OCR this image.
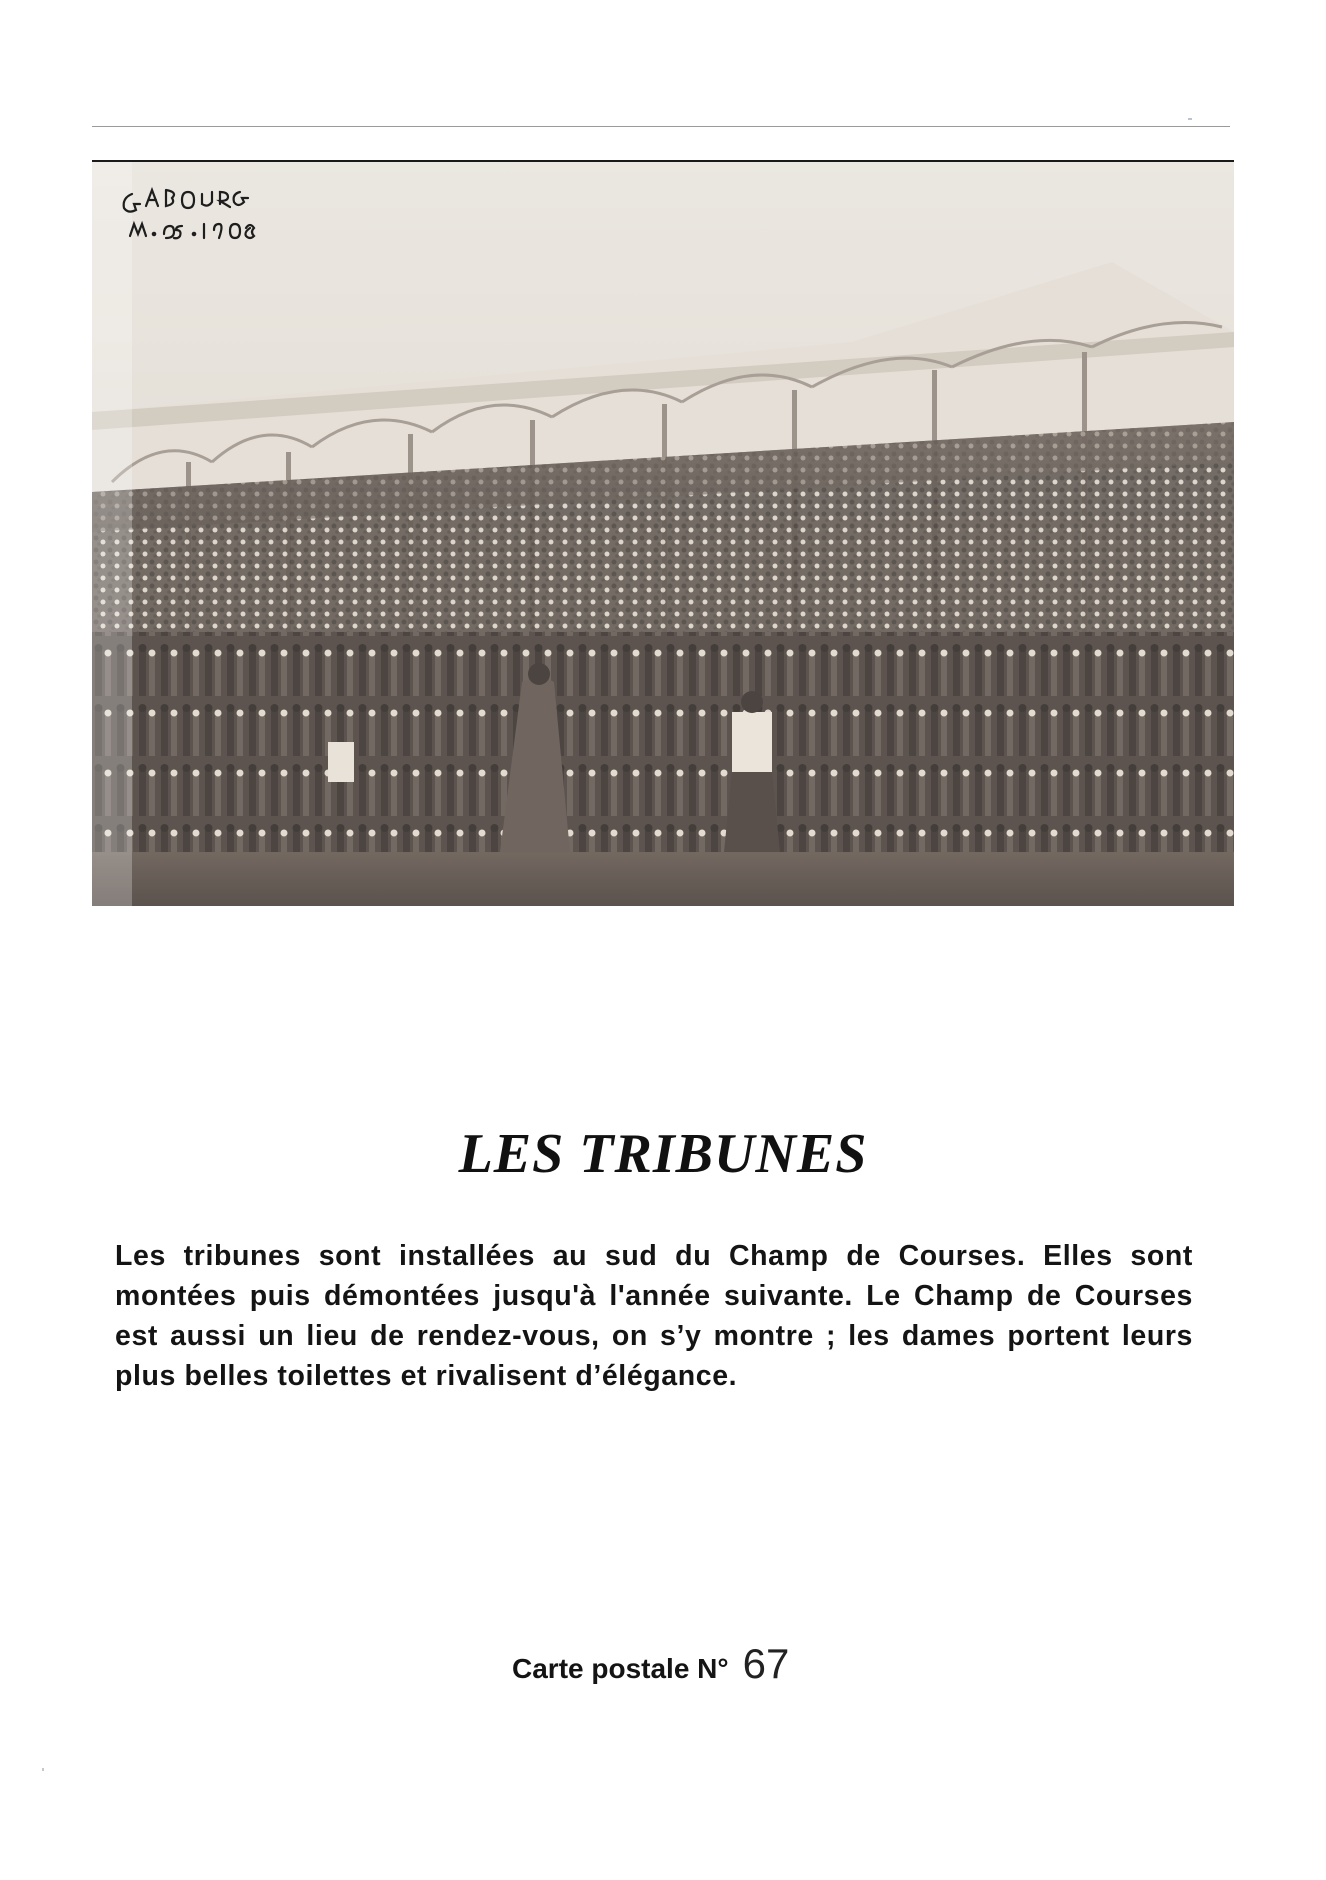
LES TRIBUNES
Les tribunes sont installées au sud du Champ de Courses. Elles sont montées puis démontées jusqu'à l'année suivante. Le Champ de Courses est aussi un lieu de rendez-vous, on s’y montre ; les dames portent leurs plus belles toilettes et rivalisent d’élégance.
Carte postale N° 67
